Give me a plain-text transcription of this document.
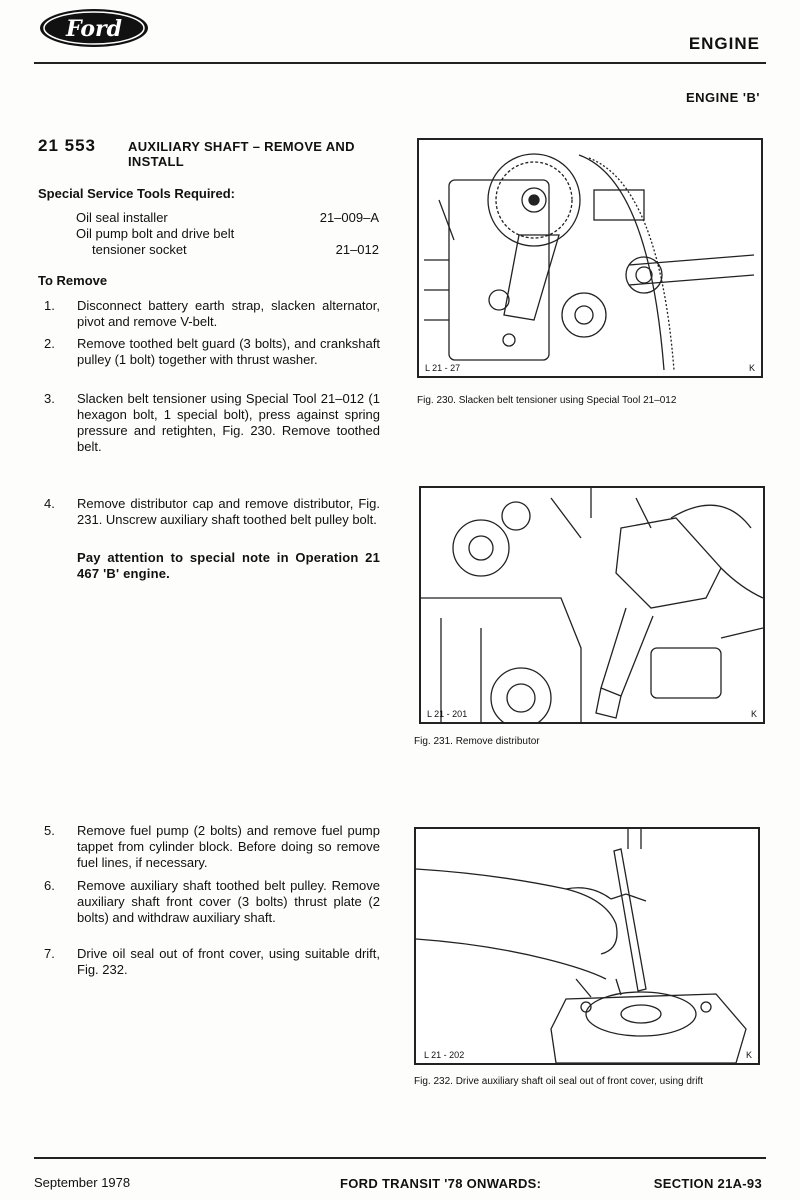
Ford
ENGINE
ENGINE 'B'
21 553 AUXILIARY SHAFT – REMOVE AND INSTALL
Special Service Tools Required:
Oil seal installer	21–009–A
Oil pump bolt and drive belt
tensioner socket	21–012
To Remove
1.	Disconnect battery earth strap, slacken alternator, pivot and remove V-belt.
2.	Remove toothed belt guard (3 bolts), and crankshaft pulley (1 bolt) together with thrust washer.
3.	Slacken belt tensioner using Special Tool 21–012 (1 hexagon bolt, 1 special bolt), press against spring pressure and retighten, Fig. 230. Remove toothed belt.
4.	Remove distributor cap and remove distributor, Fig. 231. Unscrew auxiliary shaft toothed belt pulley bolt.
Pay attention to special note in Operation 21 467 'B' engine.
5.	Remove fuel pump (2 bolts) and remove fuel pump tappet from cylinder block. Before doing so remove fuel lines, if necessary.
6.	Remove auxiliary shaft toothed belt pulley. Remove auxiliary shaft front cover (3 bolts) thrust plate (2 bolts) and withdraw auxiliary shaft.
7.	Drive oil seal out of front cover, using suitable drift, Fig. 232.
L 21 - 27	K
Fig. 230. Slacken belt tensioner using Special Tool 21–012
L 21 - 201	K
Fig. 231. Remove distributor
L 21 - 202	K
Fig. 232. Drive auxiliary shaft oil seal out of front cover, using drift
September 1978	FORD TRANSIT '78 ONWARDS:	SECTION 21A-93
